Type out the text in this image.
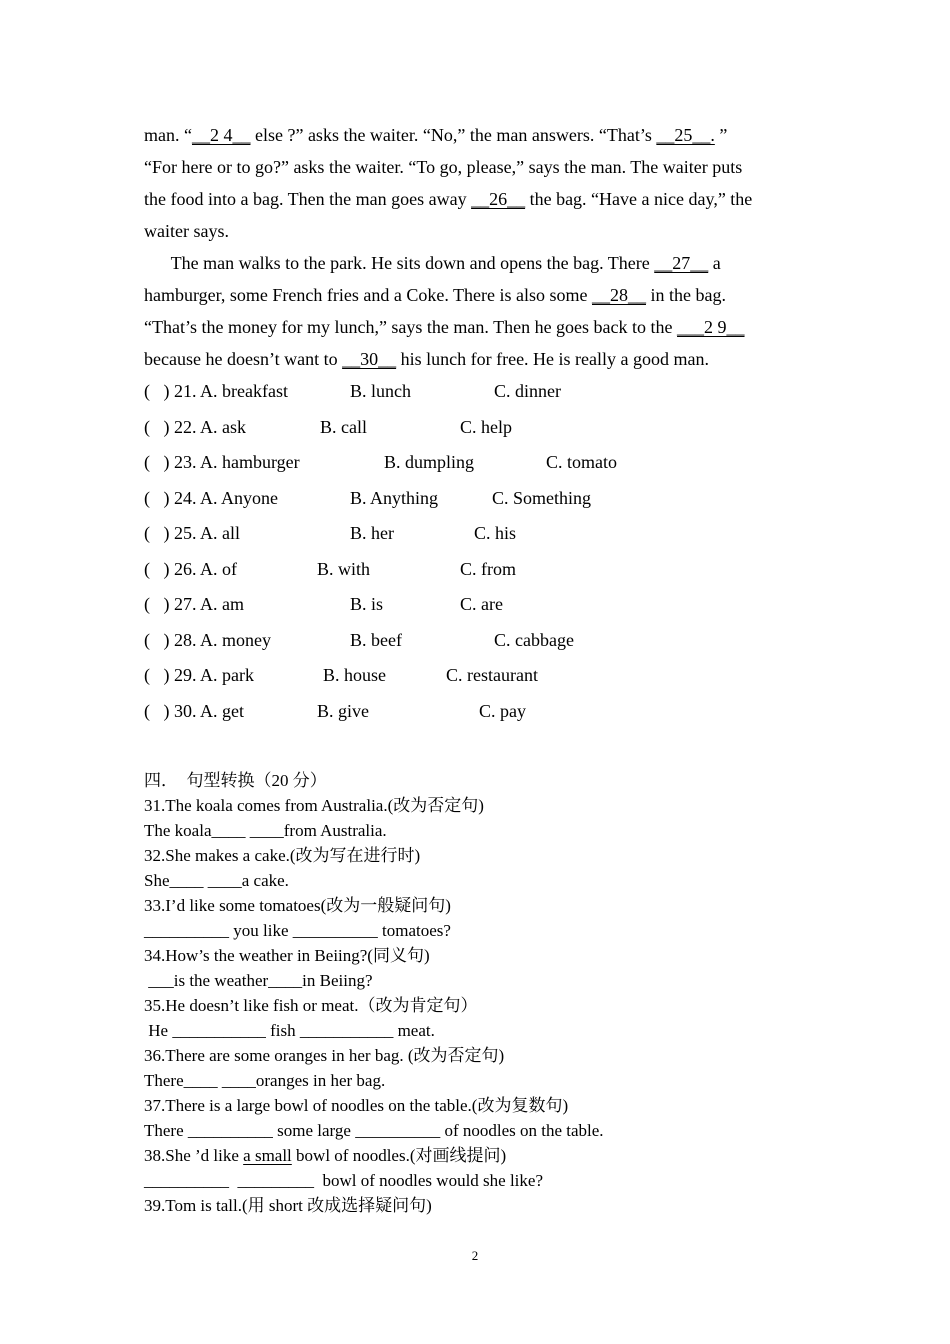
man. “__2 4__ else ?” asks the waiter. “No,” the man answers. “That’s __25__. ”
“For here or to go?” asks the waiter. “To go, please,” says the man. The waiter puts
the food into a bag. Then the man goes away __26__ the bag. “Have a nice day,” the
waiter says.
The man walks to the park. He sits down and opens the bag. There __27__ a
hamburger, some French fries and a Coke. There is also some __28__ in the bag.
“That’s the money for my lunch,” says the man. Then he goes back to the ___2 9__
because he doesn’t want to __30__ his lunch for free. He is really a good man.
(   ) 21. A. breakfast	B. lunch	C. dinner
(   ) 22. A. ask	B. call	C. help
(   ) 23. A. hamburger	B. dumpling	C. tomato
(   ) 24. A. Anyone	B. Anything	C. Something
(   ) 25. A. all	B. her	C. his
(   ) 26. A. of	B. with	C. from
(   ) 27. A. am	B. is	C. are
(   ) 28. A. money	B. beef	C. cabbage
(   ) 29. A. park	B. house	C. restaurant
(   ) 30. A. get	B. give	C. pay
四．  句型转换（20 分）
31.The koala comes from Australia.(改为否定句)
The koala____ ____from Australia.
32.She makes a cake.(改为写在进行时)
She____ ____a cake.
33.I’d like some tomatoes(改为一般疑问句)
__________ you like __________ tomatoes?
34.How’s the weather in Beiing?(同义句)
___is the weather____in Beiing?
35.He doesn’t like fish or meat.（改为肯定句）
He ___________ fish ___________ meat.
36.There are some oranges in her bag. (改为否定句)
There____ ____oranges in her bag.
37.There is a large bowl of noodles on the table.(改为复数句)
There __________ some large __________ of noodles on the table.
38.She ’d like a small bowl of noodles.(对画线提问)
__________  _________  bowl of noodles would she like?
39.Tom is tall.(用 short 改成选择疑问句)
2
